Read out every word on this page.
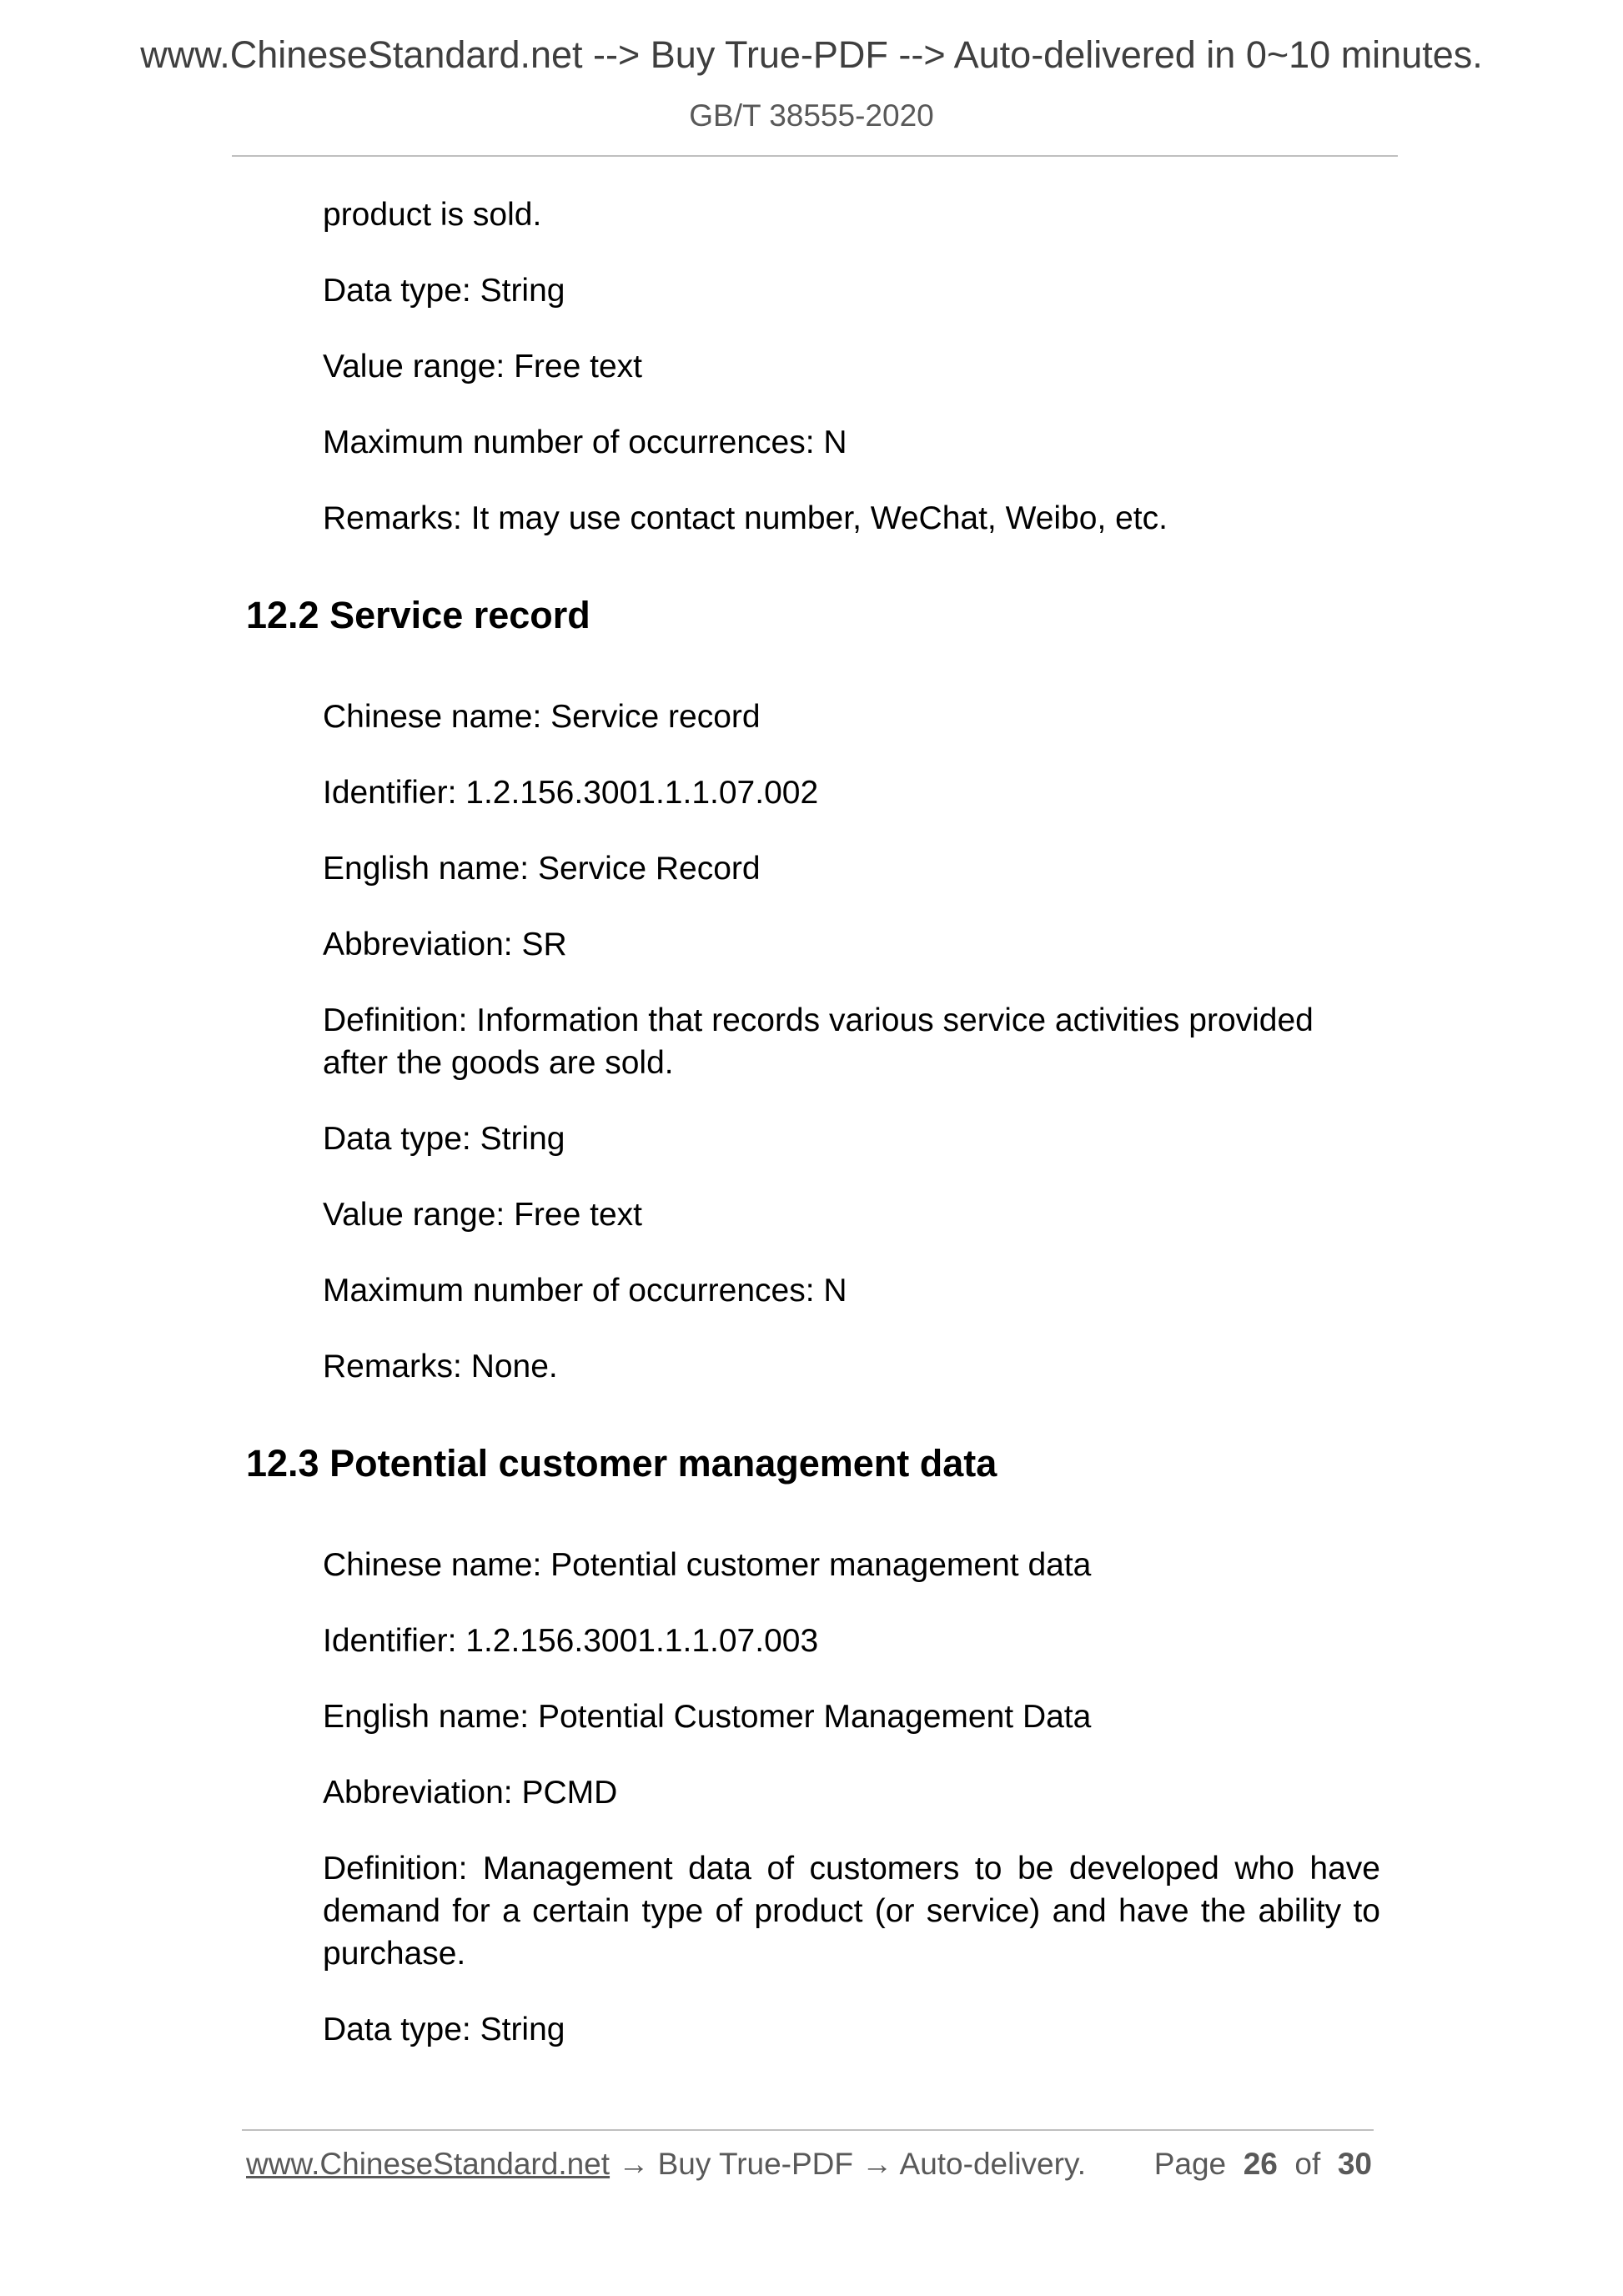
www.ChineseStandard.net --> Buy True-PDF --> Auto-delivered in 0~10 minutes.
GB/T 38555-2020

product is sold.

Data type: String

Value range: Free text

Maximum number of occurrences: N

Remarks: It may use contact number, WeChat, Weibo, etc.

12.2 Service record

Chinese name: Service record

Identifier: 1.2.156.3001.1.1.07.002

English name: Service Record

Abbreviation: SR

Definition: Information that records various service activities provided after the goods are sold.

Data type: String

Value range: Free text

Maximum number of occurrences: N

Remarks: None.

12.3 Potential customer management data

Chinese name: Potential customer management data

Identifier: 1.2.156.3001.1.1.07.003

English name: Potential Customer Management Data

Abbreviation: PCMD

Definition: Management data of customers to be developed who have demand for a certain type of product (or service) and have the ability to purchase.

Data type: String

www.ChineseStandard.net → Buy True-PDF → Auto-delivery. Page 26 of 30
